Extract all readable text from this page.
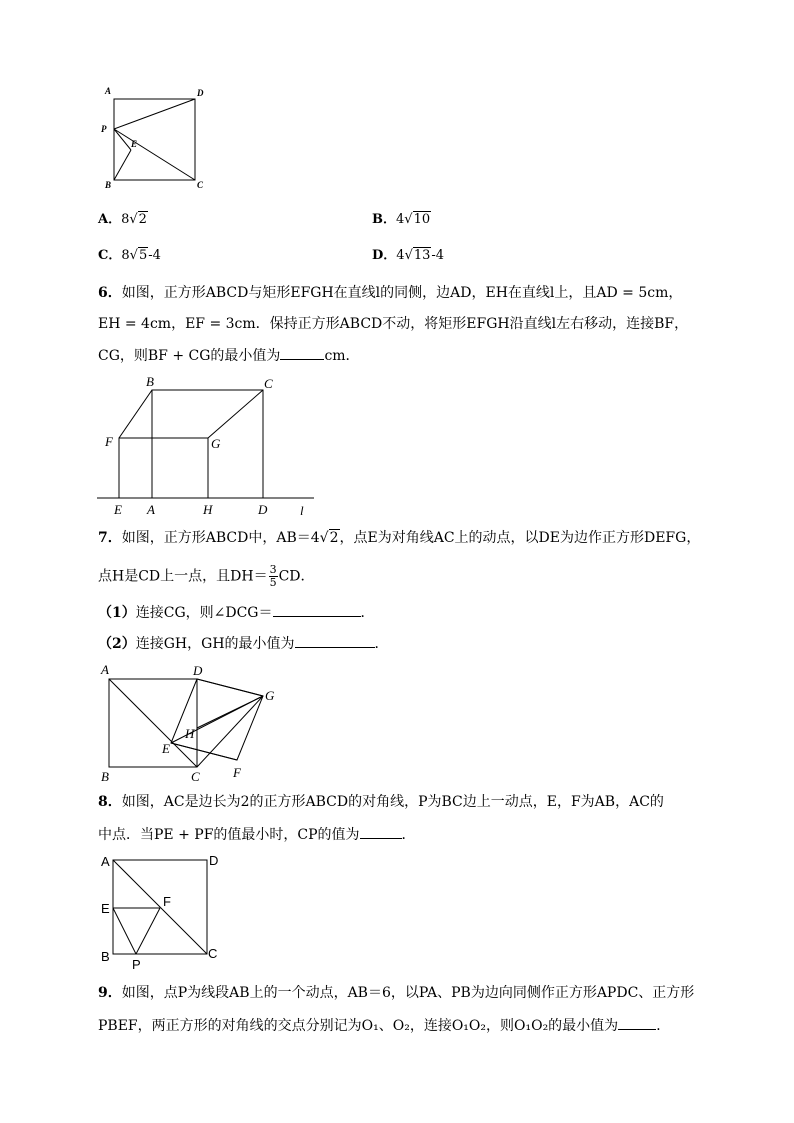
A	D
P
E
B	C
A．8√2	B．4√10
C．8√5-4	D．4√13-4
6．如图，正方形ABCD与矩形EFGH在直线l的同侧，边AD，EH在直线l上，且AD = 5cm，
EH = 4cm，EF = 3cm．保持正方形ABCD不动，将矩形EFGH沿直线l左右移动，连接BF，
CG，则BF + CG的最小值为	cm．
B	C
F	G
E A	H	D	l
7．如图，正方形ABCD中，AB＝4√2，点E为对角线AC上的动点，以DE为边作正方形DEFG，
点H是CD上一点，且$DH= \frac{3}{5}$ CD．
（1）连接CG，则∠DCG＝	．
（2）连接GH，GH的最小值为	．
A	D
G
H
E
B	C	F
8．如图，AC是边长为2的正方形ABCD的对角线，P为BC边上一动点，E，F为AB，AC的
中点．当PE + PF的值最小时，CP的值为	．
A	D
E	F
B
P
C
9．如图，点P为线段AB上的一个动点，AB＝6，以PA、PB为边向同侧作正方形APDC、正方形
PBEF，两正方形的对角线的交点分别记为O₁、O₂，连接O₁O₂，则O₁O₂的最小值为	．
